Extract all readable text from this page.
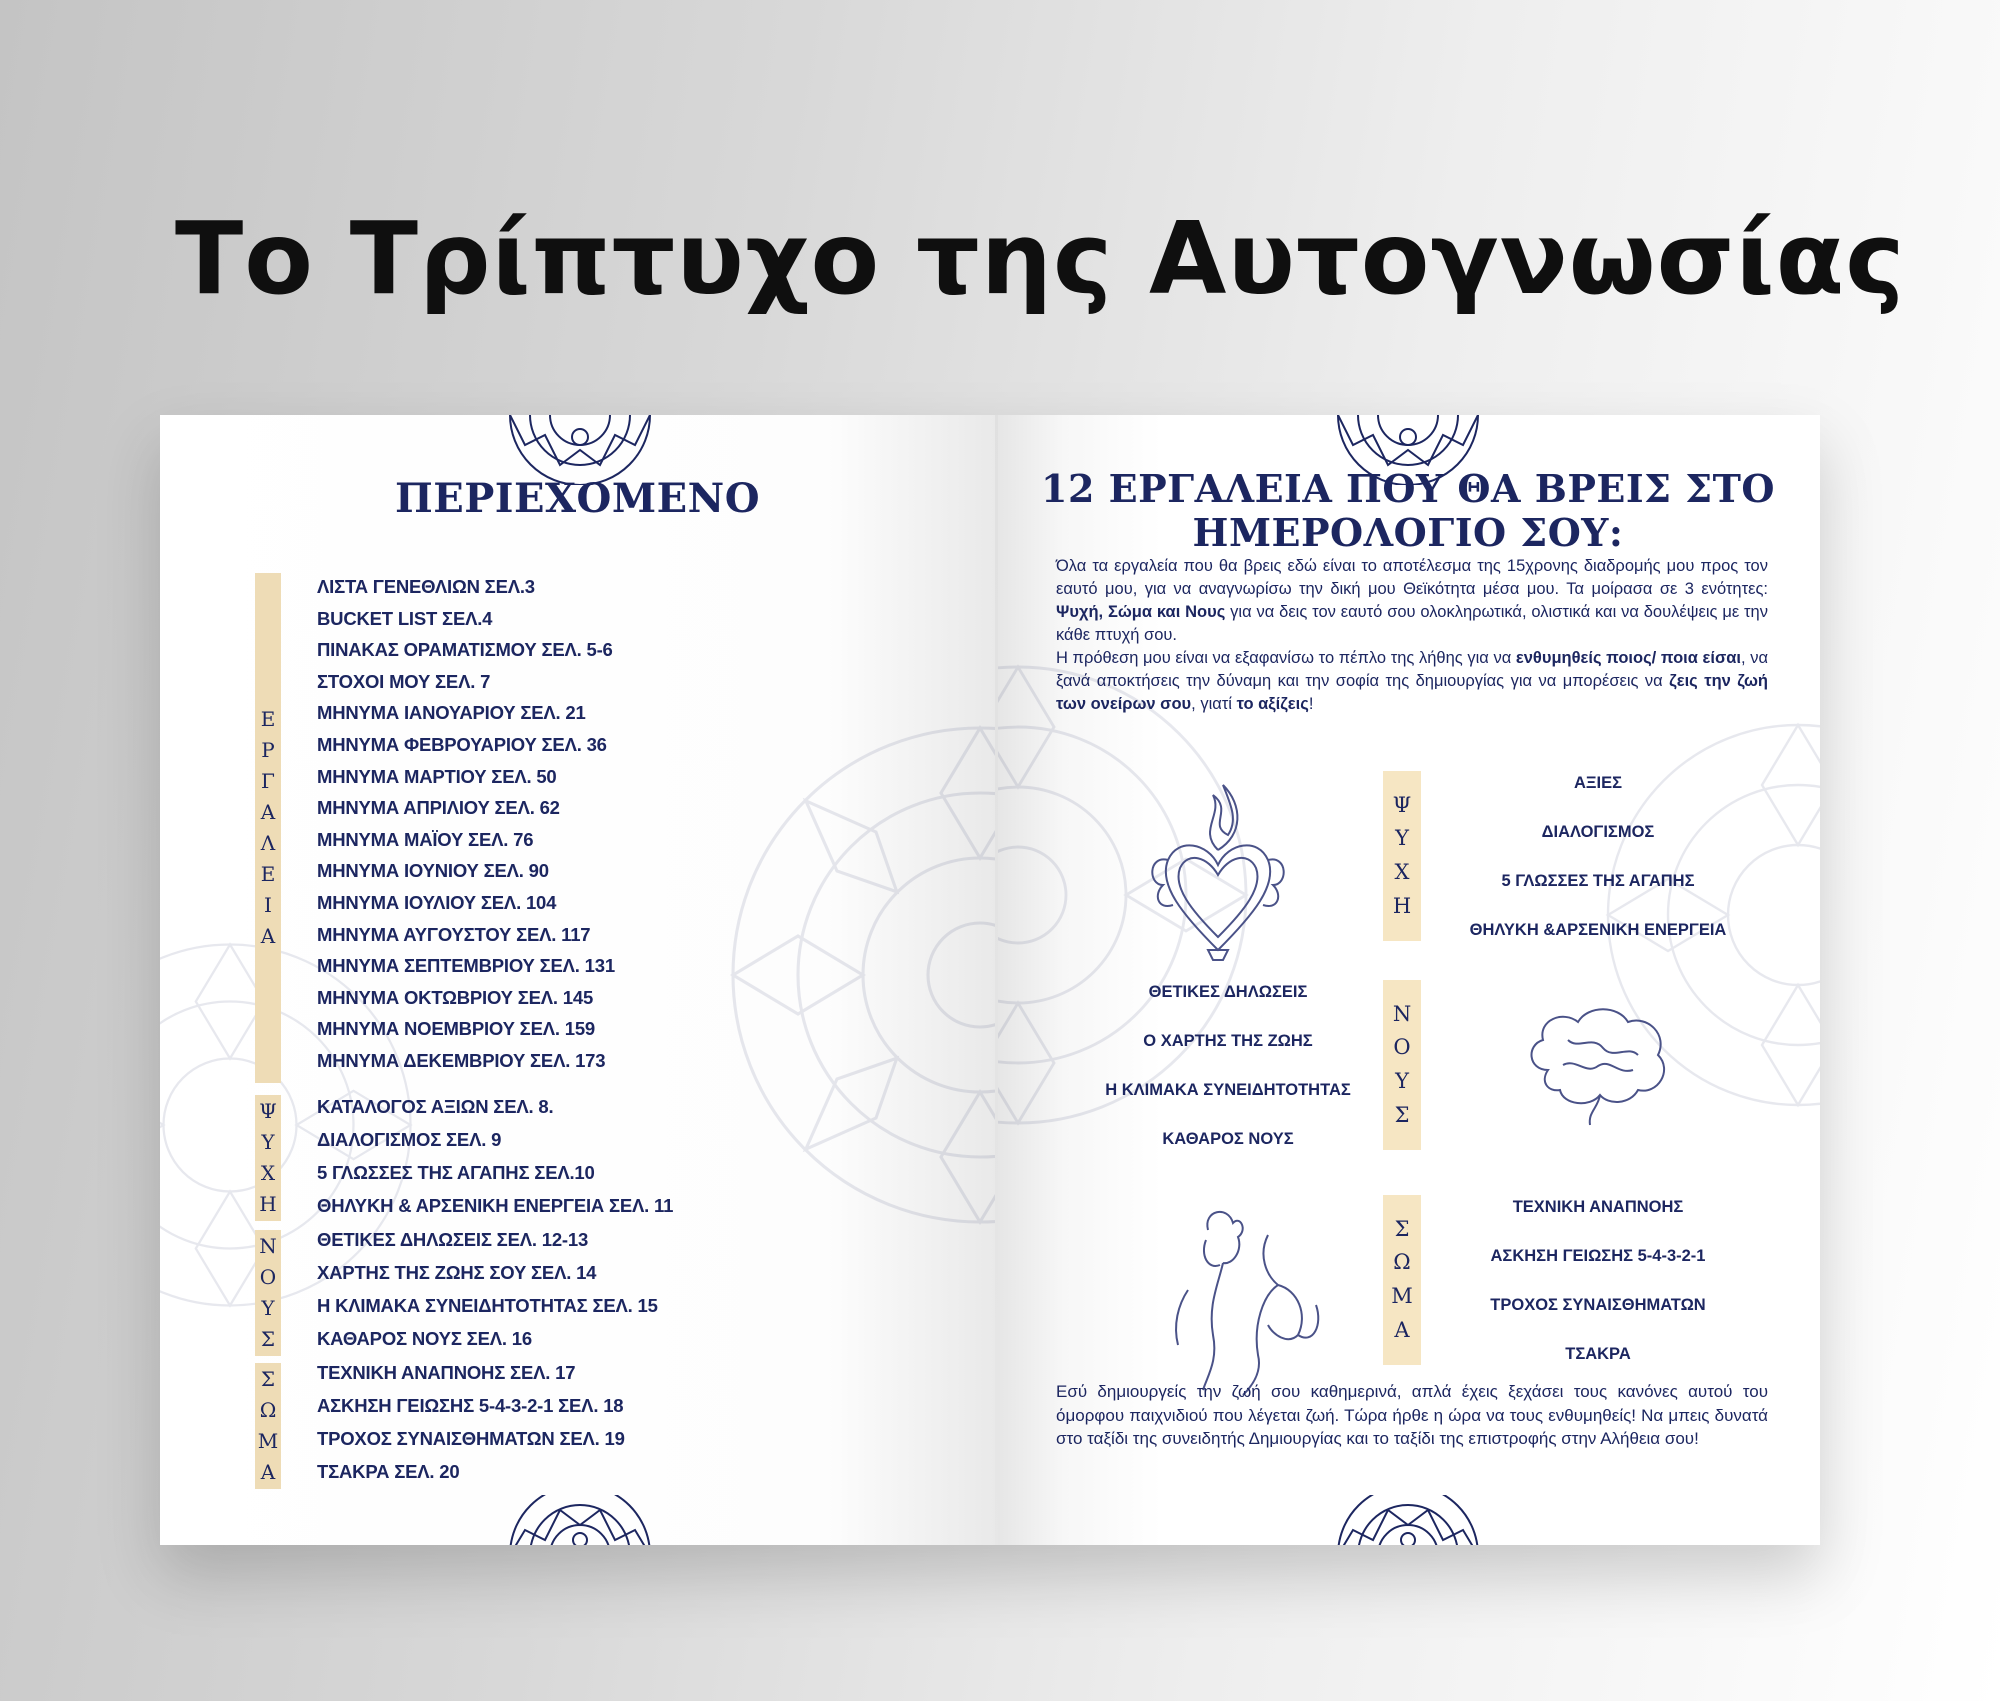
Το Τρίπτυχο της Αυτογνωσίας
ΠΕΡΙΕΧΟΜΕΝΟ
Ε
Ρ
Γ
Α
Λ
Ε
Ι
Α
ΛΙΣΤΑ ΓΕΝΕΘΛΙΩΝ ΣΕΛ.3
BUCKET LIST ΣΕΛ.4
ΠΙΝΑΚΑΣ ΟΡΑΜΑΤΙΣΜΟΥ ΣΕΛ. 5-6
ΣΤΟΧΟΙ ΜΟΥ ΣΕΛ. 7
ΜΗΝΥΜΑ ΙΑΝΟΥΑΡΙΟΥ ΣΕΛ. 21
ΜΗΝΥΜΑ ΦΕΒΡΟΥΑΡΙΟΥ ΣΕΛ. 36
ΜΗΝΥΜΑ ΜΑΡΤΙΟΥ ΣΕΛ. 50
ΜΗΝΥΜΑ ΑΠΡΙΛΙΟΥ ΣΕΛ. 62
ΜΗΝΥΜΑ ΜΑΪΟΥ ΣΕΛ. 76
ΜΗΝΥΜΑ ΙΟΥΝΙΟΥ ΣΕΛ. 90
ΜΗΝΥΜΑ ΙΟΥΛΙΟΥ ΣΕΛ. 104
ΜΗΝΥΜΑ ΑΥΓΟΥΣΤΟΥ ΣΕΛ. 117
ΜΗΝΥΜΑ ΣΕΠΤΕΜΒΡΙΟΥ ΣΕΛ. 131
ΜΗΝΥΜΑ ΟΚΤΩΒΡΙΟΥ ΣΕΛ. 145
ΜΗΝΥΜΑ ΝΟΕΜΒΡΙΟΥ ΣΕΛ. 159
ΜΗΝΥΜΑ ΔΕΚΕΜΒΡΙΟΥ ΣΕΛ. 173
Ψ
Υ
Χ
Η
ΚΑΤΑΛΟΓΟΣ ΑΞΙΩΝ ΣΕΛ. 8.
ΔΙΑΛΟΓΙΣΜΟΣ ΣΕΛ. 9
5 ΓΛΩΣΣΕΣ ΤΗΣ ΑΓΑΠΗΣ ΣΕΛ.10
ΘΗΛΥΚΗ & ΑΡΣΕΝΙΚΗ ΕΝΕΡΓΕΙΑ ΣΕΛ. 11
Ν
Ο
Υ
Σ
ΘΕΤΙΚΕΣ ΔΗΛΩΣΕΙΣ ΣΕΛ. 12-13
ΧΑΡΤΗΣ ΤΗΣ ΖΩΗΣ ΣΟΥ ΣΕΛ. 14
Η ΚΛΙΜΑΚΑ ΣΥΝΕΙΔΗΤΟΤΗΤΑΣ ΣΕΛ. 15
ΚΑΘΑΡΟΣ ΝΟΥΣ ΣΕΛ. 16
Σ
Ω
Μ
Α
ΤΕΧΝΙΚΗ ΑΝΑΠΝΟΗΣ ΣΕΛ. 17
ΑΣΚΗΣΗ ΓΕΙΩΣΗΣ 5-4-3-2-1 ΣΕΛ. 18
ΤΡΟΧΟΣ ΣΥΝΑΙΣΘΗΜΑΤΩΝ ΣΕΛ. 19
ΤΣΑΚΡΑ ΣΕΛ. 20
12 ΕΡΓΑΛΕΙΑ ΠΟΥ ΘΑ ΒΡΕΙΣ ΣΤΟ
ΗΜΕΡΟΛΟΓΙΟ ΣΟΥ:
Όλα τα εργαλεία που θα βρεις εδώ είναι το αποτέλεσμα της 15χρονης διαδρομής μου προς τον εαυτό μου, για να αναγνωρίσω την δική μου Θεϊκότητα μέσα μου. Τα μοίρασα σε 3 ενότητες: Ψυχή, Σώμα και Νους για να δεις τον εαυτό σου ολοκληρωτικά, ολιστικά και να δουλέψεις με την κάθε πτυχή σου.
Η πρόθεση μου είναι να εξαφανίσω το πέπλο της λήθης για να ενθυμηθείς ποιος/ ποια είσαι, να ξανά αποκτήσεις την δύναμη και την σοφία της δημιουργίας για να μπορέσεις να ζεις την ζωή των ονείρων σου, γιατί το αξίζεις!
Ψ
Υ
Χ
Η
ΑΞΙΕΣ
ΔΙΑΛΟΓΙΣΜΟΣ
5 ΓΛΩΣΣΕΣ ΤΗΣ ΑΓΑΠΗΣ
ΘΗΛΥΚΗ &ΑΡΣΕΝΙΚΗ ΕΝΕΡΓΕΙΑ
ΘΕΤΙΚΕΣ ΔΗΛΩΣΕΙΣ
Ο ΧΑΡΤΗΣ ΤΗΣ ΖΩΗΣ
Η ΚΛΙΜΑΚΑ ΣΥΝΕΙΔΗΤΟΤΗΤΑΣ
ΚΑΘΑΡΟΣ ΝΟΥΣ
Ν
Ο
Υ
Σ
Σ
Ω
Μ
Α
ΤΕΧΝΙΚΗ ΑΝΑΠΝΟΗΣ
ΑΣΚΗΣΗ ΓΕΙΩΣΗΣ 5-4-3-2-1
ΤΡΟΧΟΣ ΣΥΝΑΙΣΘΗΜΑΤΩΝ
ΤΣΑΚΡΑ
Εσύ δημιουργείς την ζωή σου καθημερινά, απλά έχεις ξεχάσει τους κανόνες αυτού του όμορφου παιχνιδιού που λέγεται ζωή. Τώρα ήρθε η ώρα να τους ενθυμηθείς! Να μπεις δυνατά στο ταξίδι της συνειδητής Δημιουργίας και το ταξίδι της επιστροφής στην Αλήθεια σου!
